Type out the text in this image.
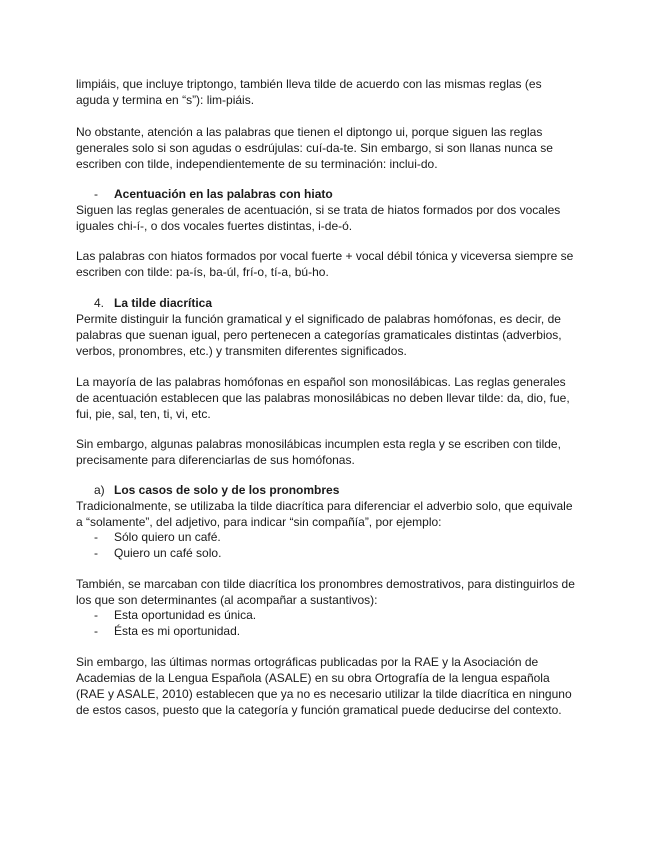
limpiáis, que incluye triptongo, también lleva tilde de acuerdo con las mismas reglas (es aguda y termina en “s”): lim-piáis.

No obstante, atención a las palabras que tienen el diptongo ui, porque siguen las reglas generales solo si son agudas o esdrújulas: cuí-da-te. Sin embargo, si son llanas nunca se escriben con tilde, independientemente de su terminación: inclui-do.

- Acentuación en las palabras con hiato

Siguen las reglas generales de acentuación, si se trata de hiatos formados por dos vocales iguales chi-í-, o dos vocales fuertes distintas, i-de-ó.

Las palabras con hiatos formados por vocal fuerte + vocal débil tónica y viceversa siempre se escriben con tilde: pa-ís, ba-úl, frí-o, tí-a, bú-ho.

4. La tilde diacrítica

Permite distinguir la función gramatical y el significado de palabras homófonas, es decir, de palabras que suenan igual, pero pertenecen a categorías gramaticales distintas (adverbios, verbos, pronombres, etc.) y transmiten diferentes significados.

La mayoría de las palabras homófonas en español son monosilábicas. Las reglas generales de acentuación establecen que las palabras monosilábicas no deben llevar tilde: da, dio, fue, fui, pie, sal, ten, ti, vi, etc.

Sin embargo, algunas palabras monosilábicas incumplen esta regla y se escriben con tilde, precisamente para diferenciarlas de sus homófonas.

a) Los casos de solo y de los pronombres

Tradicionalmente, se utilizaba la tilde diacrítica para diferenciar el adverbio solo, que equivale a “solamente”, del adjetivo, para indicar “sin compañía”, por ejemplo:

- Sólo quiero un café.
- Quiero un café solo.

También, se marcaban con tilde diacrítica los pronombres demostrativos, para distinguirlos de los que son determinantes (al acompañar a sustantivos):

- Esta oportunidad es única.
- Ésta es mi oportunidad.

Sin embargo, las últimas normas ortográficas publicadas por la RAE y la Asociación de Academias de la Lengua Española (ASALE) en su obra Ortografía de la lengua española (RAE y ASALE, 2010) establecen que ya no es necesario utilizar la tilde diacrítica en ninguno de estos casos, puesto que la categoría y función gramatical puede deducirse del contexto.
